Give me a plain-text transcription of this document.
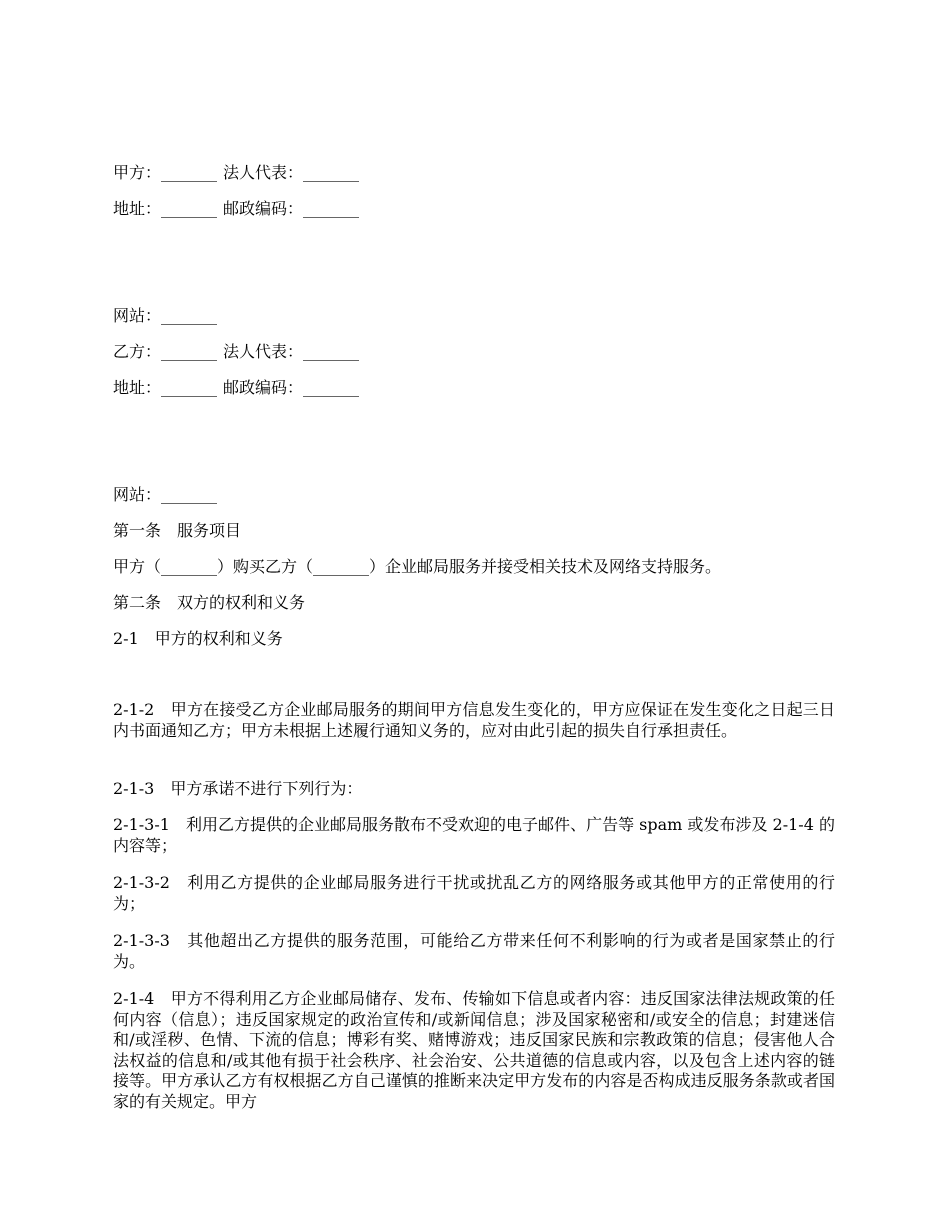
甲方：_______ 法人代表：_______
地址：_______ 邮政编码：_______
网站：_______
乙方：_______ 法人代表：_______
地址：_______ 邮政编码：_______
网站：_______
第一条　服务项目
甲方（_______）购买乙方（_______）企业邮局服务并接受相关技术及网络支持服务。
第二条　双方的权利和义务
2-1　甲方的权利和义务
2-1-2　甲方在接受乙方企业邮局服务的期间甲方信息发生变化的，甲方应保证在发生变化之日起三日内书面通知乙方；甲方未根据上述履行通知义务的，应对由此引起的损失自行承担责任。
2-1-3　甲方承诺不进行下列行为：
2-1-3-1　利用乙方提供的企业邮局服务散布不受欢迎的电子邮件、广告等 spam 或发布涉及 2-1-4 的内容等；
2-1-3-2　利用乙方提供的企业邮局服务进行干扰或扰乱乙方的网络服务或其他甲方的正常使用的行为；
2-1-3-3　其他超出乙方提供的服务范围，可能给乙方带来任何不利影响的行为或者是国家禁止的行为。
2-1-4　甲方不得利用乙方企业邮局储存、发布、传输如下信息或者内容：违反国家法律法规政策的任何内容（信息）；违反国家规定的政治宣传和/或新闻信息；涉及国家秘密和/或安全的信息；封建迷信和/或淫秽、色情、下流的信息；博彩有奖、赌博游戏；违反国家民族和宗教政策的信息；侵害他人合法权益的信息和/或其他有损于社会秩序、社会治安、公共道德的信息或内容，以及包含上述内容的链接等。甲方承认乙方有权根据乙方自己谨慎的推断来决定甲方发布的内容是否构成违反服务条款或者国家的有关规定。甲方
